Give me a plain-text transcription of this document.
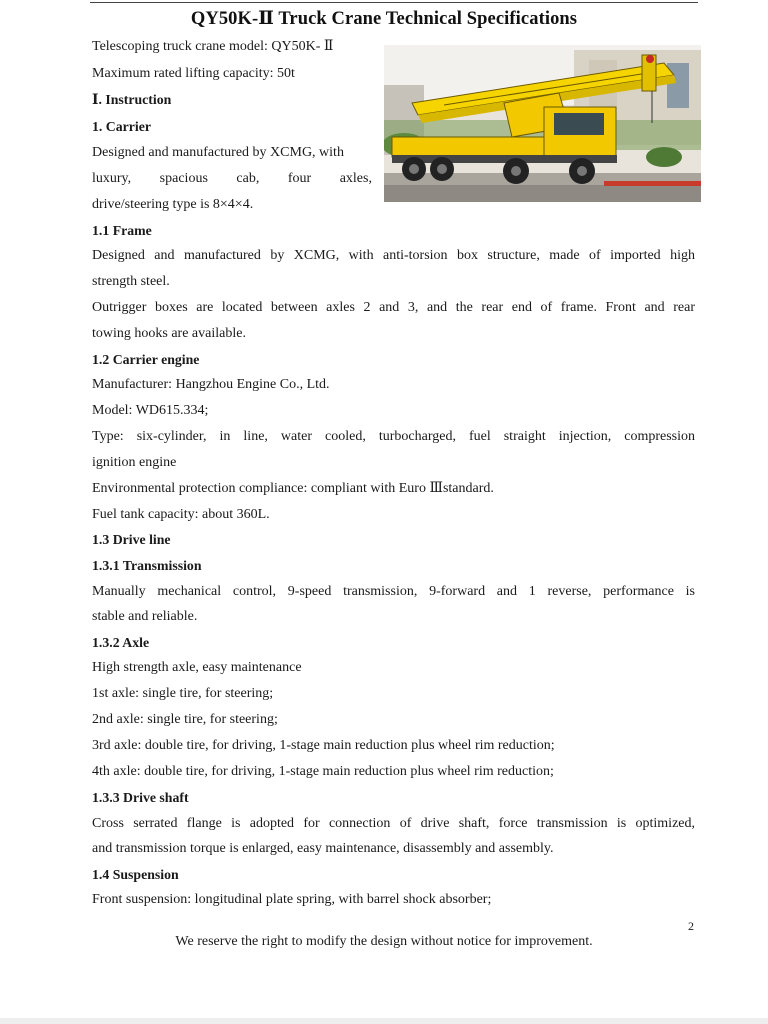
QY50K-Ⅱ Truck Crane Technical Specifications
Telescoping truck crane model: QY50K- Ⅱ
Maximum rated lifting capacity: 50t
Ⅰ. Instruction
1. Carrier
Designed and manufactured by XCMG, with
luxury, spacious cab, four axles,
drive/steering type is 8×4×4.
1.1 Frame
Designed and manufactured by XCMG, with anti-torsion box structure, made of imported high
strength steel.
Outrigger boxes are located between axles 2 and 3, and the rear end of frame. Front and rear
towing hooks are available.
1.2 Carrier engine
Manufacturer: Hangzhou Engine Co., Ltd.
Model: WD615.334;
Type: six-cylinder, in line, water cooled, turbocharged, fuel straight injection, compression
ignition engine
Environmental protection compliance: compliant with Euro Ⅲstandard.
Fuel tank capacity: about 360L.
1.3 Drive line
1.3.1 Transmission
Manually mechanical control, 9-speed transmission, 9-forward and 1 reverse, performance is
stable and reliable.
1.3.2 Axle
High strength axle, easy maintenance
1st axle: single tire, for steering;
2nd axle: single tire, for steering;
3rd axle: double tire, for driving, 1-stage main reduction plus wheel rim reduction;
4th axle: double tire, for driving, 1-stage main reduction plus wheel rim reduction;
1.3.3 Drive shaft
Cross serrated flange is adopted for connection of drive shaft, force transmission is optimized,
and transmission torque is enlarged, easy maintenance, disassembly and assembly.
1.4 Suspension
Front suspension: longitudinal plate spring, with barrel shock absorber;
2
We reserve the right to modify the design without notice for improvement.
